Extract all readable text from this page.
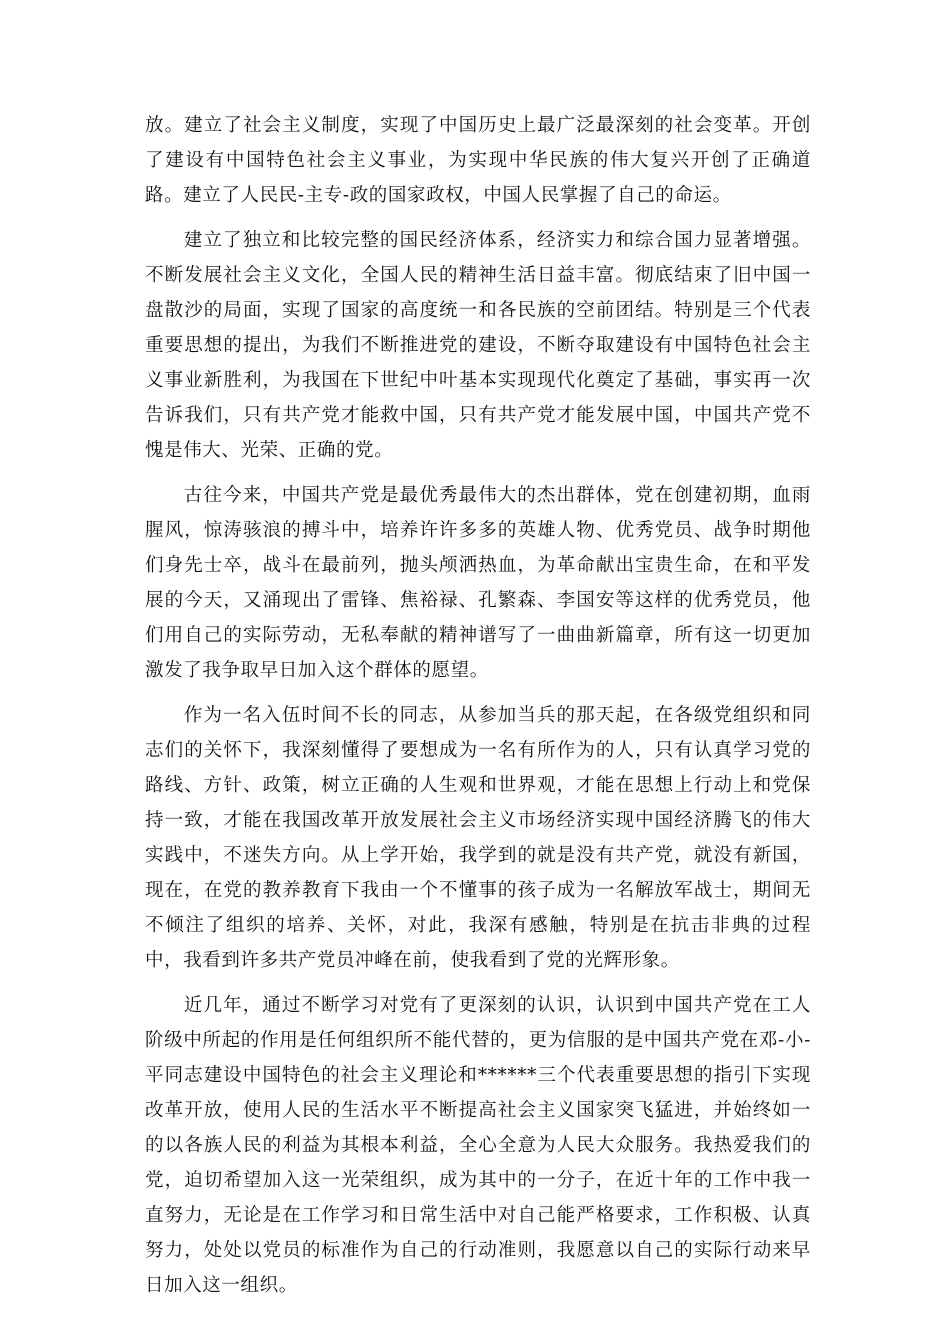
放。建立了社会主义制度，实现了中国历史上最广泛最深刻的社会变革。开创了建设有中国特色社会主义事业，为实现中华民族的伟大复兴开创了正确道路。建立了人民民-主专-政的国家政权，中国人民掌握了自己的命运。

建立了独立和比较完整的国民经济体系，经济实力和综合国力显著增强。不断发展社会主义文化，全国人民的精神生活日益丰富。彻底结束了旧中国一盘散沙的局面，实现了国家的高度统一和各民族的空前团结。特别是三个代表重要思想的提出，为我们不断推进党的建设，不断夺取建设有中国特色社会主义事业新胜利，为我国在下世纪中叶基本实现现代化奠定了基础，事实再一次告诉我们，只有共产党才能救中国，只有共产党才能发展中国，中国共产党不愧是伟大、光荣、正确的党。

古往今来，中国共产党是最优秀最伟大的杰出群体，党在创建初期，血雨腥风，惊涛骇浪的搏斗中，培养许许多多的英雄人物、优秀党员、战争时期他们身先士卒，战斗在最前列，抛头颅洒热血，为革命献出宝贵生命，在和平发展的今天，又涌现出了雷锋、焦裕禄、孔繁森、李国安等这样的优秀党员，他们用自己的实际劳动，无私奉献的精神谱写了一曲曲新篇章，所有这一切更加激发了我争取早日加入这个群体的愿望。

作为一名入伍时间不长的同志，从参加当兵的那天起，在各级党组织和同志们的关怀下，我深刻懂得了要想成为一名有所作为的人，只有认真学习党的路线、方针、政策，树立正确的人生观和世界观，才能在思想上行动上和党保持一致，才能在我国改革开放发展社会主义市场经济实现中国经济腾飞的伟大实践中，不迷失方向。从上学开始，我学到的就是没有共产党，就没有新国，现在，在党的教养教育下我由一个不懂事的孩子成为一名解放军战士，期间无不倾注了组织的培养、关怀，对此，我深有感触，特别是在抗击非典的过程中，我看到许多共产党员冲峰在前，使我看到了党的光辉形象。

近几年，通过不断学习对党有了更深刻的认识，认识到中国共产党在工人阶级中所起的作用是任何组织所不能代替的，更为信服的是中国共产党在邓-小-平同志建设中国特色的社会主义理论和******三个代表重要思想的指引下实现改革开放，使用人民的生活水平不断提高社会主义国家突飞猛进，并始终如一的以各族人民的利益为其根本利益，全心全意为人民大众服务。我热爱我们的党，迫切希望加入这一光荣组织，成为其中的一分子，在近十年的工作中我一直努力，无论是在工作学习和日常生活中对自己能严格要求，工作积极、认真努力，处处以党员的标准作为自己的行动准则，我愿意以自己的实际行动来早日加入这一组织。
